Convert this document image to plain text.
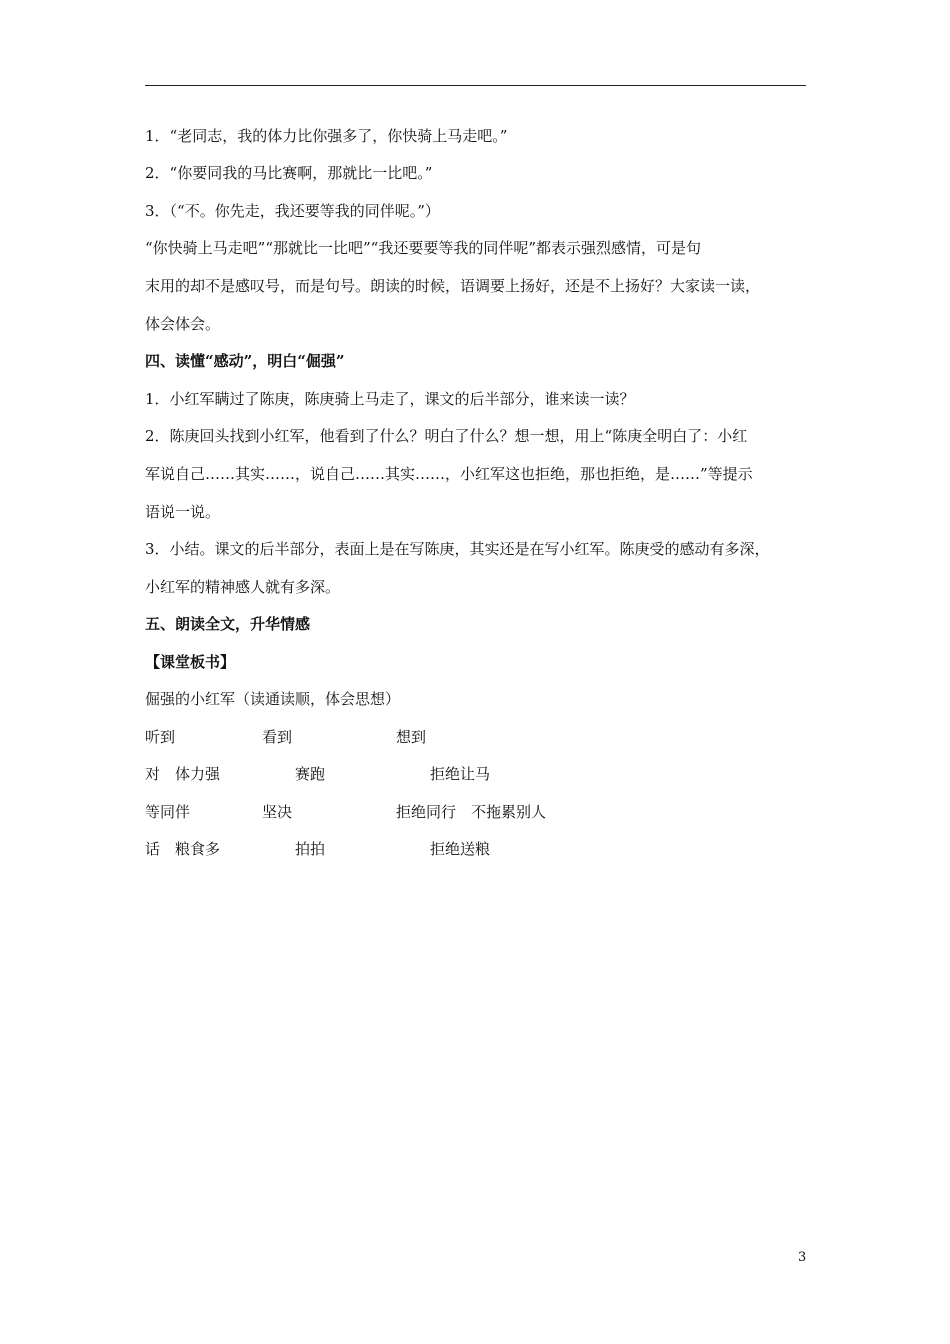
1．“老同志，我的体力比你强多了，你快骑上马走吧。”
2．“你要同我的马比赛啊，那就比一比吧。”
3．（“不。你先走，我还要等我的同伴呢。”）
“你快骑上马走吧”“那就比一比吧”“我还要要等我的同伴呢”都表示强烈感情，可是句
末用的却不是感叹号，而是句号。朗读的时候，语调要上扬好，还是不上扬好？大家读一读，
体会体会。
四、读懂“感动”，明白“倔强”
1．小红军瞒过了陈庚，陈庚骑上马走了，课文的后半部分，谁来读一读？
2．陈庚回头找到小红军，他看到了什么？明白了什么？想一想，用上“陈庚全明白了：小红
军说自己……其实……，说自己……其实……，小红军这也拒绝，那也拒绝，是……”等提示
语说一说。
3．小结。课文的后半部分，表面上是在写陈庚，其实还是在写小红军。陈庚受的感动有多深，
小红军的精神感人就有多深。
五、朗读全文，升华情感
【课堂板书】
倔强的小红军（读通读顺，体会思想）
听到	看到	想到
对　体力强	赛跑	拒绝让马
等同伴	坚决	拒绝同行　不拖累别人
话　粮食多	拍拍	拒绝送粮
3
